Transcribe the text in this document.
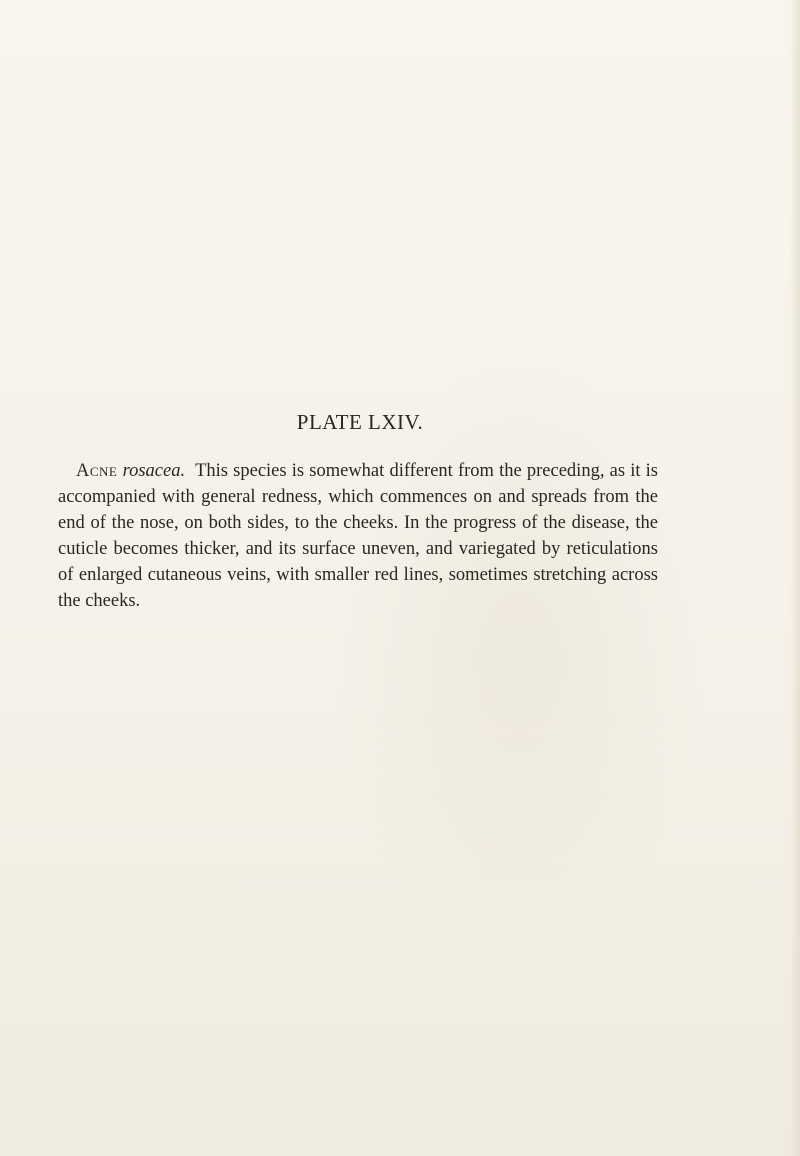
PLATE LXIV.

Acne rosacea. This species is somewhat different from the preceding, as it is accompanied with general redness, which commences on and spreads from the end of the nose, on both sides, to the cheeks. In the progress of the disease, the cuticle becomes thicker, and its surface uneven, and variegated by reticulations of enlarged cutaneous veins, with smaller red lines, sometimes stretching across the cheeks.
